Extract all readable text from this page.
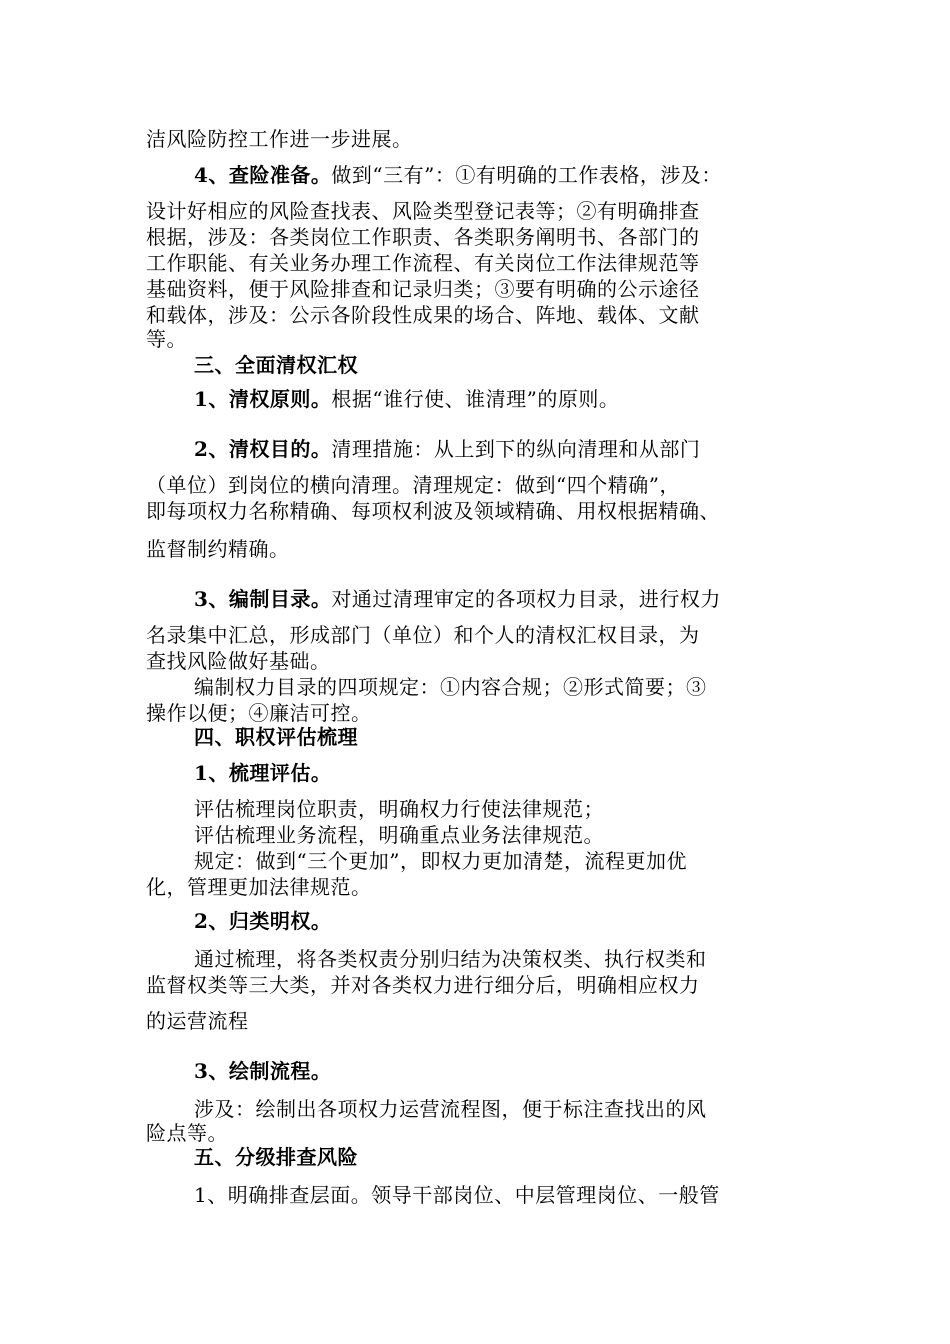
洁风险防控工作进一步进展。
4、查险准备。做到“三有”：①有明确的工作表格，涉及：
设计好相应的风险查找表、风险类型登记表等；②有明确排查
根据，涉及：各类岗位工作职责、各类职务阐明书、各部门的
工作职能、有关业务办理工作流程、有关岗位工作法律规范等
基础资料，便于风险排查和记录归类；③要有明确的公示途径
和载体，涉及：公示各阶段性成果的场合、阵地、载体、文献
等。
三、全面清权汇权
1、清权原则。根据“谁行使、谁清理”的原则。
2、清权目的。清理措施：从上到下的纵向清理和从部门
（单位）到岗位的横向清理。清理规定：做到“四个精确”，
即每项权力名称精确、每项权利波及领域精确、用权根据精确、
监督制约精确。
3、编制目录。对通过清理审定的各项权力目录，进行权力
名录集中汇总，形成部门（单位）和个人的清权汇权目录，为
查找风险做好基础。
编制权力目录的四项规定：①内容合规；②形式简要；③
操作以便；④廉洁可控。
四、职权评估梳理
1、梳理评估。
评估梳理岗位职责，明确权力行使法律规范；
评估梳理业务流程，明确重点业务法律规范。
规定：做到“三个更加”，即权力更加清楚，流程更加优
化，管理更加法律规范。
2、归类明权。
通过梳理，将各类权责分别归结为决策权类、执行权类和
监督权类等三大类，并对各类权力进行细分后，明确相应权力
的运营流程
3、绘制流程。
涉及：绘制出各项权力运营流程图，便于标注查找出的风
险点等。
五、分级排查风险
1、明确排查层面。领导干部岗位、中层管理岗位、一般管
